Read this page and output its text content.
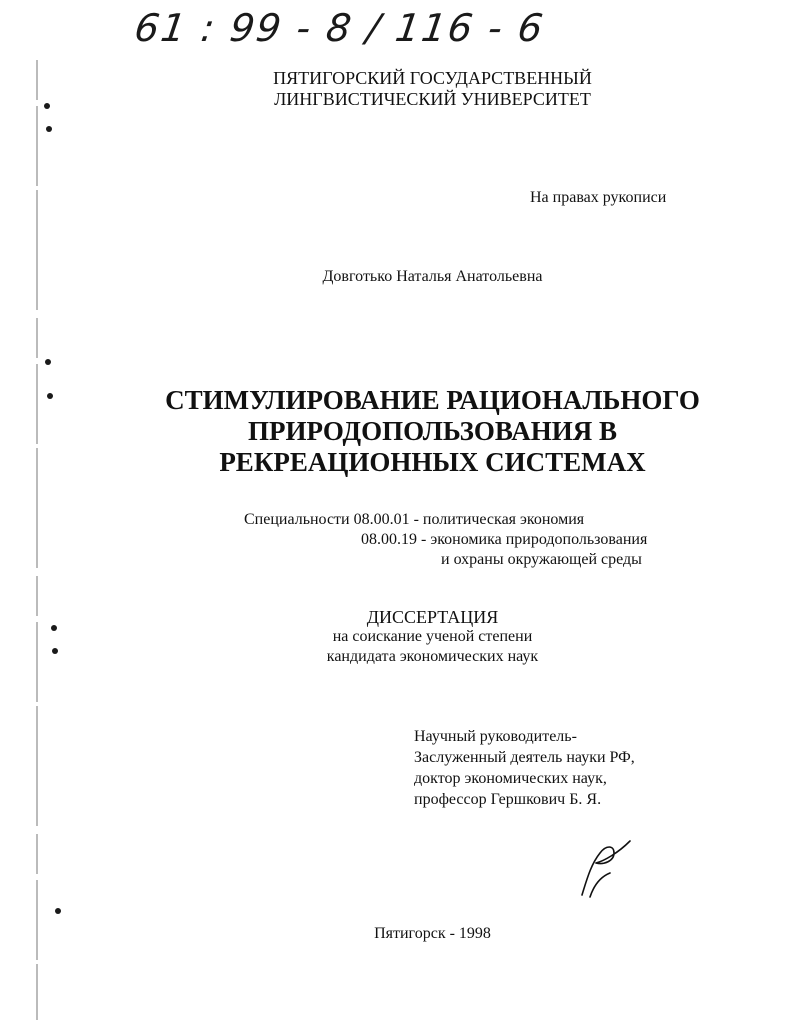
61 : 99 - 8 / 116 - 6
ПЯТИГОРСКИЙ ГОСУДАРСТВЕННЫЙ
ЛИНГВИСТИЧЕСКИЙ УНИВЕРСИТЕТ
На правах рукописи
Довготько Наталья Анатольевна
СТИМУЛИРОВАНИЕ РАЦИОНАЛЬНОГО
ПРИРОДОПОЛЬЗОВАНИЯ В
РЕКРЕАЦИОННЫХ СИСТЕМАХ
Специальности 08.00.01 - политическая экономия
08.00.19 - экономика природопользования
и охраны окружающей среды
ДИССЕРТАЦИЯ
на соискание ученой степени
кандидата экономических наук
Научный руководитель-
Заслуженный деятель науки РФ,
доктор экономических наук,
профессор Гершкович Б. Я.
Пятигорск - 1998
